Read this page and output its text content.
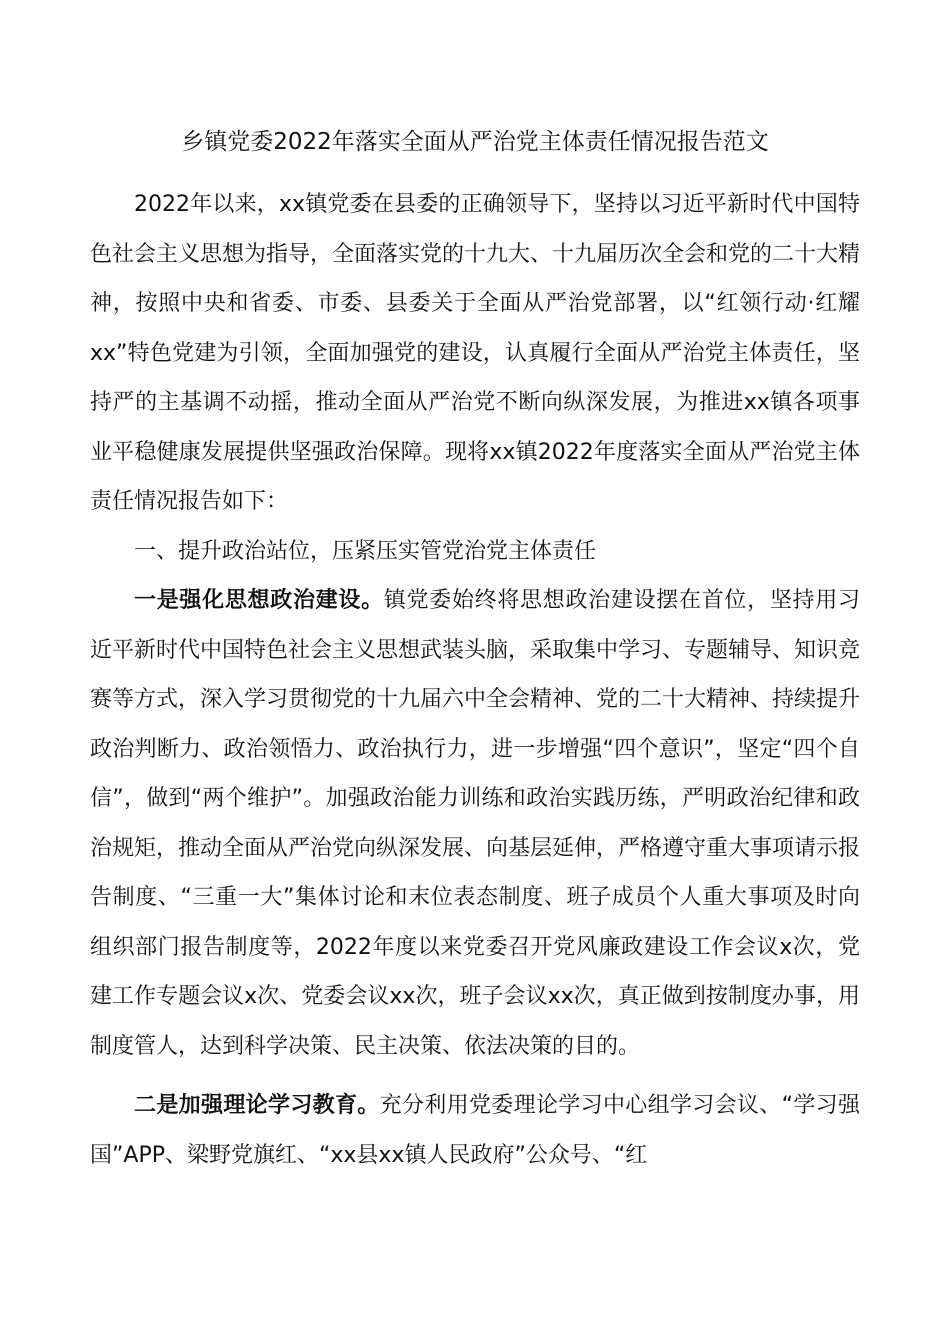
乡镇党委2022年落实全面从严治党主体责任情况报告范文

2022年以来，xx镇党委在县委的正确领导下，坚持以习近平新时代中国特色社会主义思想为指导，全面落实党的十九大、十九届历次全会和党的二十大精神，按照中央和省委、市委、县委关于全面从严治党部署，以“红领行动·红耀xx”特色党建为引领，全面加强党的建设，认真履行全面从严治党主体责任，坚持严的主基调不动摇，推动全面从严治党不断向纵深发展，为推进xx镇各项事业平稳健康发展提供坚强政治保障。现将xx镇2022年度落实全面从严治党主体责任情况报告如下：

一、提升政治站位，压紧压实管党治党主体责任

一是强化思想政治建设。镇党委始终将思想政治建设摆在首位，坚持用习近平新时代中国特色社会主义思想武装头脑，采取集中学习、专题辅导、知识竞赛等方式，深入学习贯彻党的十九届六中全会精神、党的二十大精神、持续提升政治判断力、政治领悟力、政治执行力，进一步增强“四个意识”，坚定“四个自信”，做到“两个维护”。加强政治能力训练和政治实践历练，严明政治纪律和政治规矩，推动全面从严治党向纵深发展、向基层延伸，严格遵守重大事项请示报告制度、“三重一大”集体讨论和末位表态制度、班子成员个人重大事项及时向组织部门报告制度等，2022年度以来党委召开党风廉政建设工作会议x次，党建工作专题会议x次、党委会议xx次，班子会议xx次，真正做到按制度办事，用制度管人，达到科学决策、民主决策、依法决策的目的。

二是加强理论学习教育。充分利用党委理论学习中心组学习会议、“学习强国”APP、梁野党旗红、“xx县xx镇人民政府”公众号、“红
